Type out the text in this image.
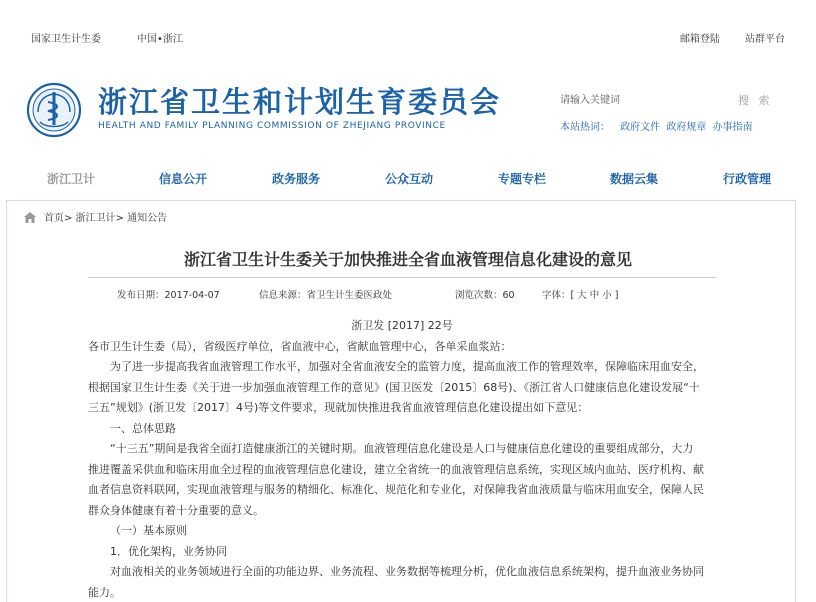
国家卫生计生委	中国•浙江	邮箱登陆	站群平台
浙江省卫生和计划生育委员会
HEALTH AND FAMILY PLANNING COMMISSION OF ZHEJIANG PROVINCE
请输入关键词
搜 索
本站热词： 政府文件 政府规章 办事指南
浙江卫计	信息公开	政务服务	公众互动	专题专栏	数据云集	行政管理
首页> 浙江卫计> 通知公告
浙江省卫生计生委关于加快推进全省血液管理信息化建设的意见
发布日期：2017-04-07	信息来源：省卫生计生委医政处	浏览次数：60	字体：[ 大 中 小 ]

浙卫发 [2017] 22号

各市卫生计生委（局），省级医疗单位，省血液中心，省献血管理中心，各单采血浆站：

为了进一步提高我省血液管理工作水平，加强对全省血液安全的监管力度，提高血液工作的管理效率，保障临床用血安全，

根据国家卫生计生委《关于进一步加强血液管理工作的意见》(国卫医发〔2015〕68号)、《浙江省人口健康信息化建设发展“十

三五”规划》(浙卫发〔2017〕4号)等文件要求，现就加快推进我省血液管理信息化建设提出如下意见：

一、总体思路

“十三五”期间是我省全面打造健康浙江的关键时期。血液管理信息化建设是人口与健康信息化建设的重要组成部分，大力

推进覆盖采供血和临床用血全过程的血液管理信息化建设，建立全省统一的血液管理信息系统，实现区域内血站、医疗机构、献

血者信息资料联网，实现血液管理与服务的精细化、标准化、规范化和专业化，对保障我省血液质量与临床用血安全，保障人民

群众身体健康有着十分重要的意义。

（一）基本原则

1．优化架构，业务协同

对血液相关的业务领域进行全面的功能边界、业务流程、业务数据等梳理分析，优化血液信息系统架构，提升血液业务协同

能力。
